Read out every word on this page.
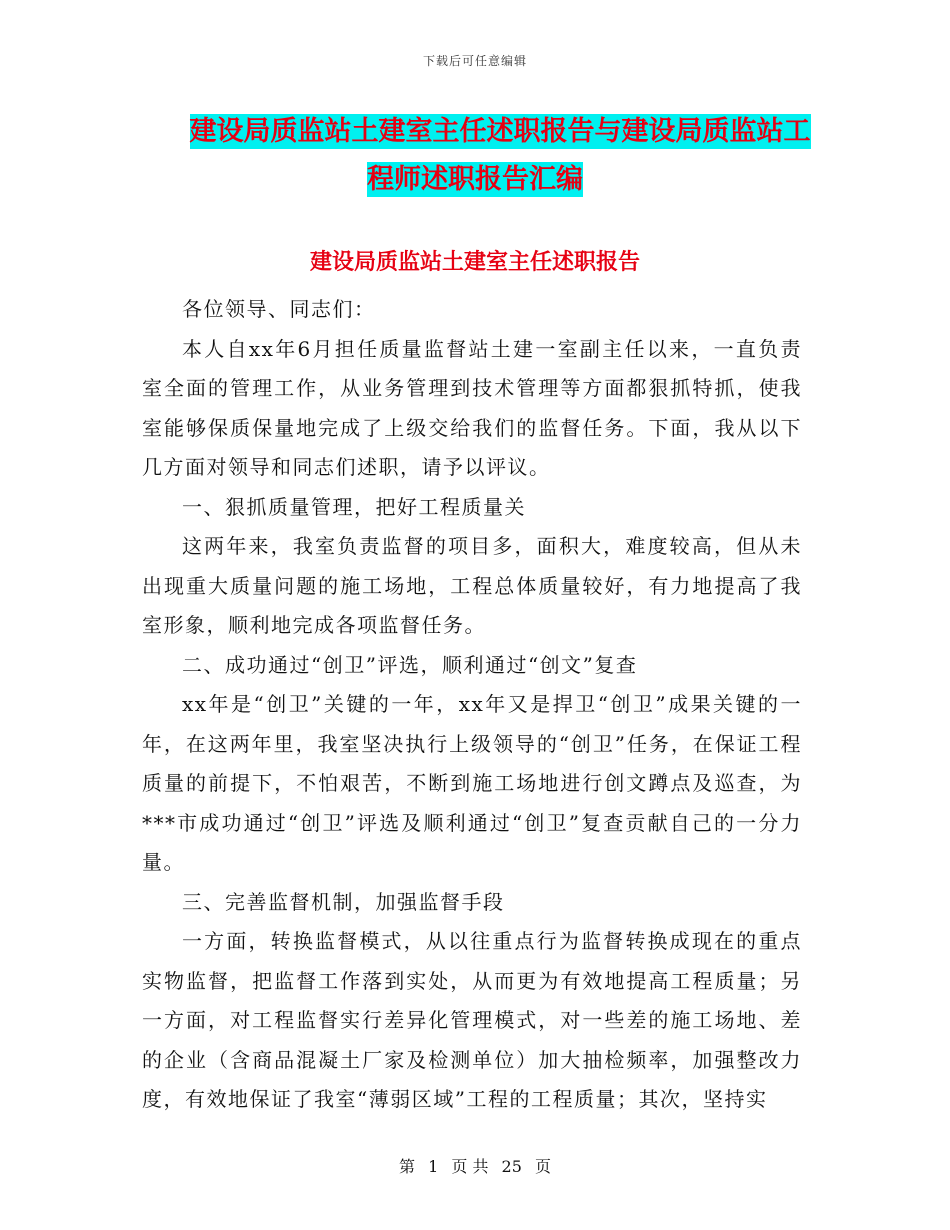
下载后可任意编辑
建设局质监站土建室主任述职报告与建设局质监站工
程师述职报告汇编
建设局质监站土建室主任述职报告

各位领导、同志们：

本人自xx年6月担任质量监督站土建一室副主任以来，一直负责室全面的管理工作，从业务管理到技术管理等方面都狠抓特抓，使我室能够保质保量地完成了上级交给我们的监督任务。下面，我从以下几方面对领导和同志们述职，请予以评议。

一、狠抓质量管理，把好工程质量关

这两年来，我室负责监督的项目多，面积大，难度较高，但从未出现重大质量问题的施工场地，工程总体质量较好，有力地提高了我室形象，顺利地完成各项监督任务。

二、成功通过“创卫”评选，顺利通过“创文”复查

xx年是“创卫”关键的一年，xx年又是捍卫“创卫”成果关键的一年，在这两年里，我室坚决执行上级领导的“创卫”任务，在保证工程质量的前提下，不怕艰苦，不断到施工场地进行创文蹲点及巡查，为***市成功通过“创卫”评选及顺利通过“创卫”复查贡献自己的一分力量。

三、完善监督机制，加强监督手段

一方面，转换监督模式，从以往重点行为监督转换成现在的重点实物监督，把监督工作落到实处，从而更为有效地提高工程质量；另一方面，对工程监督实行差异化管理模式，对一些差的施工场地、差的企业（含商品混凝土厂家及检测单位）加大抽检频率，加强整改力度，有效地保证了我室“薄弱区域”工程的工程质量；其次，坚持实

第 1 页 共 25 页
